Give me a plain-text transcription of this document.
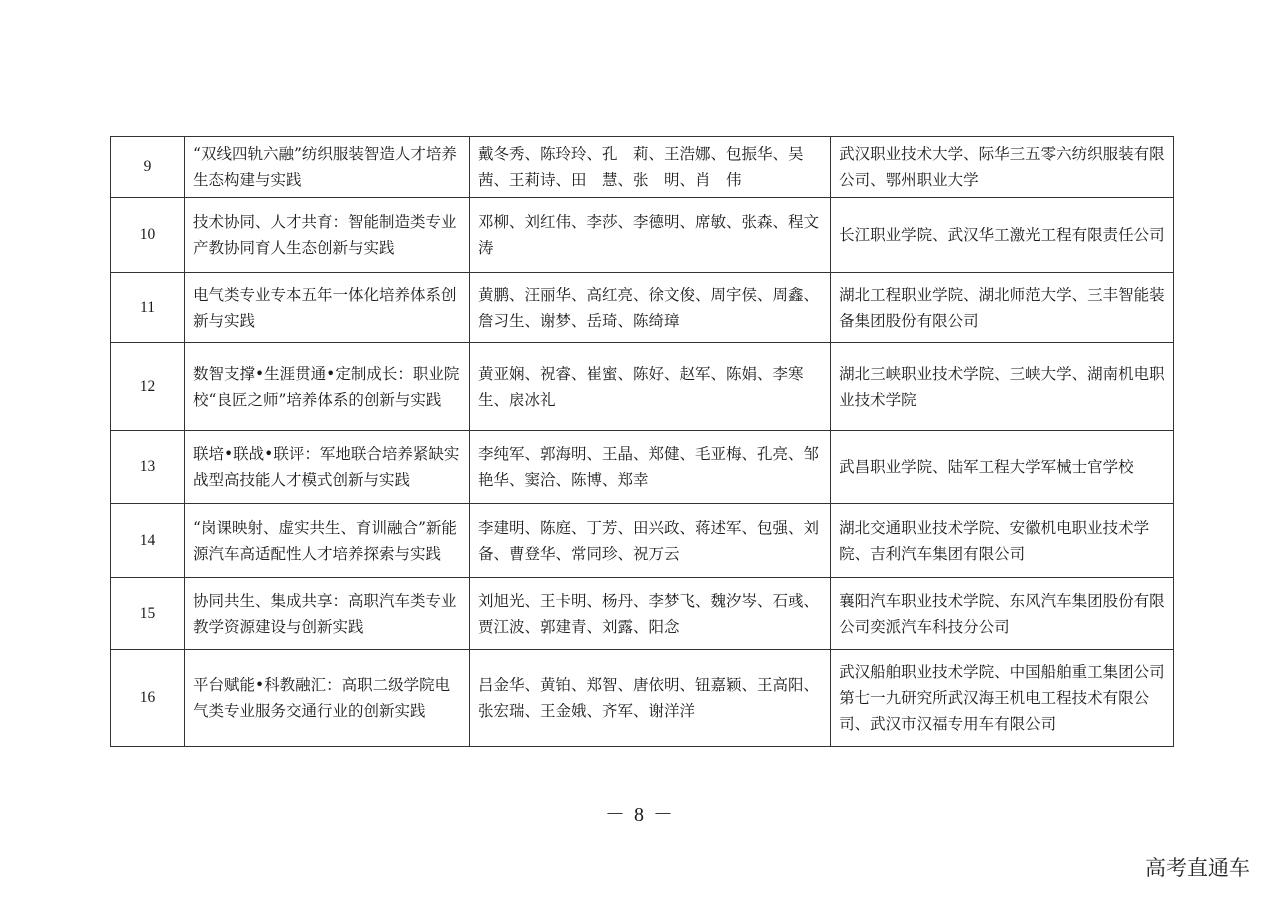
9	“双线四轨六融”纺织服装智造人才培养生态构建与实践	戴冬秀、陈玲玲、孔　莉、王浩娜、包振华、吴　茜、王莉诗、田　慧、张　明、肖　伟	武汉职业技术大学、际华三五零六纺织服装有限公司、鄂州职业大学
10	技术协同、人才共育：智能制造类专业产教协同育人生态创新与实践	邓柳、刘红伟、李莎、李德明、席敏、张森、程文涛	长江职业学院、武汉华工激光工程有限责任公司
11	电气类专业专本五年一体化培养体系创新与实践	黄鹏、汪丽华、高红亮、徐文俊、周宇侯、周鑫、詹习生、谢梦、岳琦、陈绮璋	湖北工程职业学院、湖北师范大学、三丰智能装备集团股份有限公司
12	数智支撑•生涯贯通•定制成长：职业院校“良匠之师”培养体系的创新与实践	黄亚娴、祝睿、崔蜜、陈好、赵军、陈娟、李寒生、扆冰礼	湖北三峡职业技术学院、三峡大学、湖南机电职业技术学院
13	联培•联战•联评：军地联合培养紧缺实战型高技能人才模式创新与实践	李纯军、郭海明、王晶、郑健、毛亚梅、孔亮、邹艳华、窦洽、陈博、郑幸	武昌职业学院、陆军工程大学军械士官学校
14	“岗课映射、虚实共生、育训融合”新能源汽车高适配性人才培养探索与实践	李建明、陈庭、丁芳、田兴政、蒋述军、包强、刘备、曹登华、常同珍、祝万云	湖北交通职业技术学院、安徽机电职业技术学院、吉利汽车集团有限公司
15	协同共生、集成共享：高职汽车类专业教学资源建设与创新实践	刘旭光、王卡明、杨丹、李梦飞、魏汐岑、石彧、贾江波、郭建青、刘露、阳念	襄阳汽车职业技术学院、东风汽车集团股份有限公司奕派汽车科技分公司
16	平台赋能•科教融汇：高职二级学院电气类专业服务交通行业的创新实践	吕金华、黄铂、郑智、唐依明、钮嘉颖、王高阳、张宏瑞、王金娥、齐军、谢洋洋	武汉船舶职业技术学院、中国船舶重工集团公司第七一九研究所武汉海王机电工程技术有限公司、武汉市汉福专用车有限公司
－ 8 －
高考直通车
